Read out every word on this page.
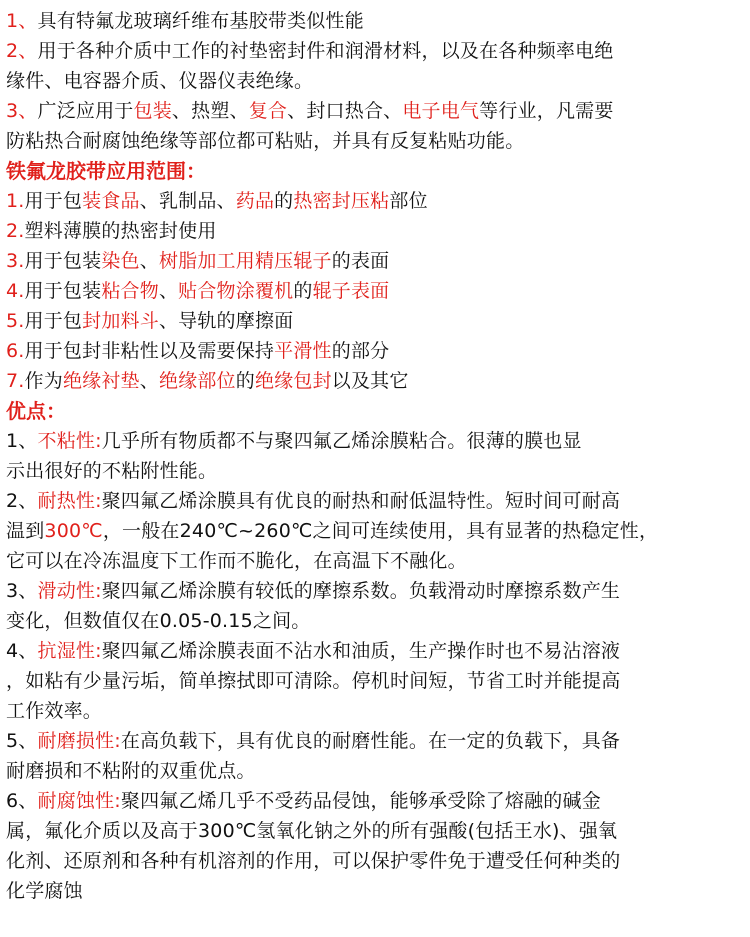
1、具有特氟龙玻璃纤维布基胶带类似性能
2、用于各种介质中工作的衬垫密封件和润滑材料，以及在各种频率电绝
缘件、电容器介质、仪器仪表绝缘。
3、广泛应用于包装、热塑、复合、封口热合、电子电气等行业，凡需要
防粘热合耐腐蚀绝缘等部位都可粘贴，并具有反复粘贴功能。
铁氟龙胶带应用范围：
1.用于包装食品、乳制品、药品的热密封压粘部位
2.塑料薄膜的热密封使用
3.用于包装染色、树脂加工用精压辊子的表面
4.用于包装粘合物、贴合物涂覆机的辊子表面
5.用于包封加料斗、导轨的摩擦面
6.用于包封非粘性以及需要保持平滑性的部分
7.作为绝缘衬垫、绝缘部位的绝缘包封以及其它
优点：
1、不粘性:几乎所有物质都不与聚四氟乙烯涂膜粘合。很薄的膜也显
示出很好的不粘附性能。
2、耐热性:聚四氟乙烯涂膜具有优良的耐热和耐低温特性。短时间可耐高
温到300℃，一般在240℃~260℃之间可连续使用，具有显著的热稳定性，
它可以在冷冻温度下工作而不脆化，在高温下不融化。
3、滑动性:聚四氟乙烯涂膜有较低的摩擦系数。负载滑动时摩擦系数产生
变化，但数值仅在0.05-0.15之间。
4、抗湿性:聚四氟乙烯涂膜表面不沾水和油质，生产操作时也不易沾溶液
，如粘有少量污垢，简单擦拭即可清除。停机时间短，节省工时并能提高
工作效率。
5、耐磨损性:在高负载下，具有优良的耐磨性能。在一定的负载下，具备
耐磨损和不粘附的双重优点。
6、耐腐蚀性:聚四氟乙烯几乎不受药品侵蚀，能够承受除了熔融的碱金
属，氟化介质以及高于300℃氢氧化钠之外的所有强酸(包括王水)、强氧
化剂、还原剂和各种有机溶剂的作用，可以保护零件免于遭受任何种类的
化学腐蚀
